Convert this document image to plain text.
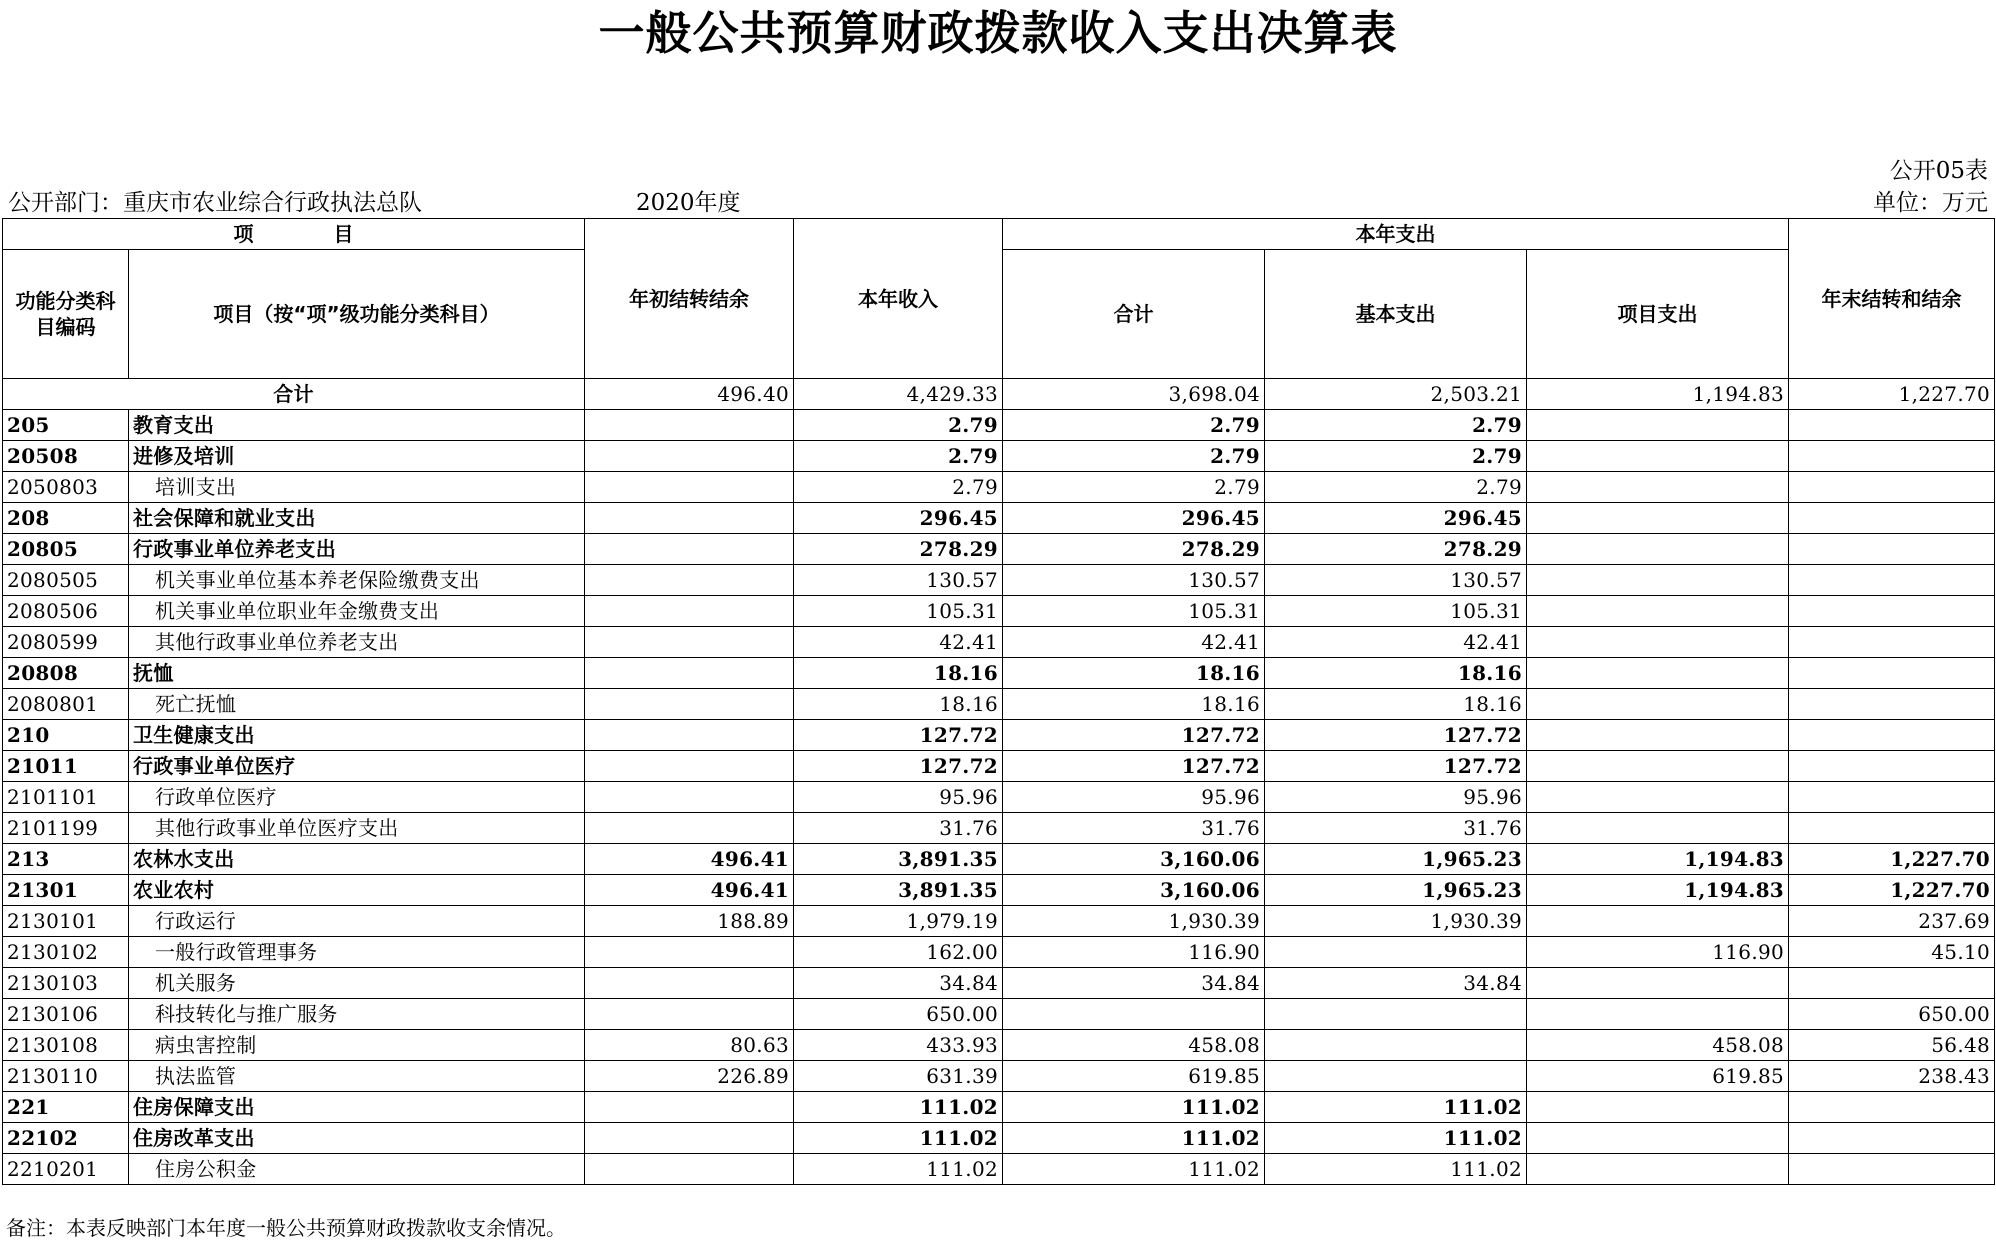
一般公共预算财政拨款收入支出决算表
公开05表
公开部门：重庆市农业综合行政执法总队	2020年度	单位：万元
项　　　　目		年初结转结余	本年收入	本年支出			年末结转和结余
功能分类科目编码	项目（按“项”级功能分类科目）			合计	基本支出	项目支出	
合计		496.40	4,429.33	3,698.04	2,503.21	1,194.83	1,227.70
205	教育支出		2.79	2.79	2.79		
20508	进修及培训		2.79	2.79	2.79		
2050803	培训支出		2.79	2.79	2.79		
208	社会保障和就业支出		296.45	296.45	296.45		
20805	行政事业单位养老支出		278.29	278.29	278.29		
2080505	机关事业单位基本养老保险缴费支出		130.57	130.57	130.57		
2080506	机关事业单位职业年金缴费支出		105.31	105.31	105.31		
2080599	其他行政事业单位养老支出		42.41	42.41	42.41		
20808	抚恤		18.16	18.16	18.16		
2080801	死亡抚恤		18.16	18.16	18.16		
210	卫生健康支出		127.72	127.72	127.72		
21011	行政事业单位医疗		127.72	127.72	127.72		
2101101	行政单位医疗		95.96	95.96	95.96		
2101199	其他行政事业单位医疗支出		31.76	31.76	31.76		
213	农林水支出	496.41	3,891.35	3,160.06	1,965.23	1,194.83	1,227.70
21301	农业农村	496.41	3,891.35	3,160.06	1,965.23	1,194.83	1,227.70
2130101	行政运行	188.89	1,979.19	1,930.39	1,930.39		237.69
2130102	一般行政管理事务		162.00	116.90		116.90	45.10
2130103	机关服务		34.84	34.84	34.84		
2130106	科技转化与推广服务		650.00				650.00
2130108	病虫害控制	80.63	433.93	458.08		458.08	56.48
2130110	执法监管	226.89	631.39	619.85		619.85	238.43
221	住房保障支出		111.02	111.02	111.02		
22102	住房改革支出		111.02	111.02	111.02		
2210201	住房公积金		111.02	111.02	111.02		
备注：本表反映部门本年度一般公共预算财政拨款收支余情况。
